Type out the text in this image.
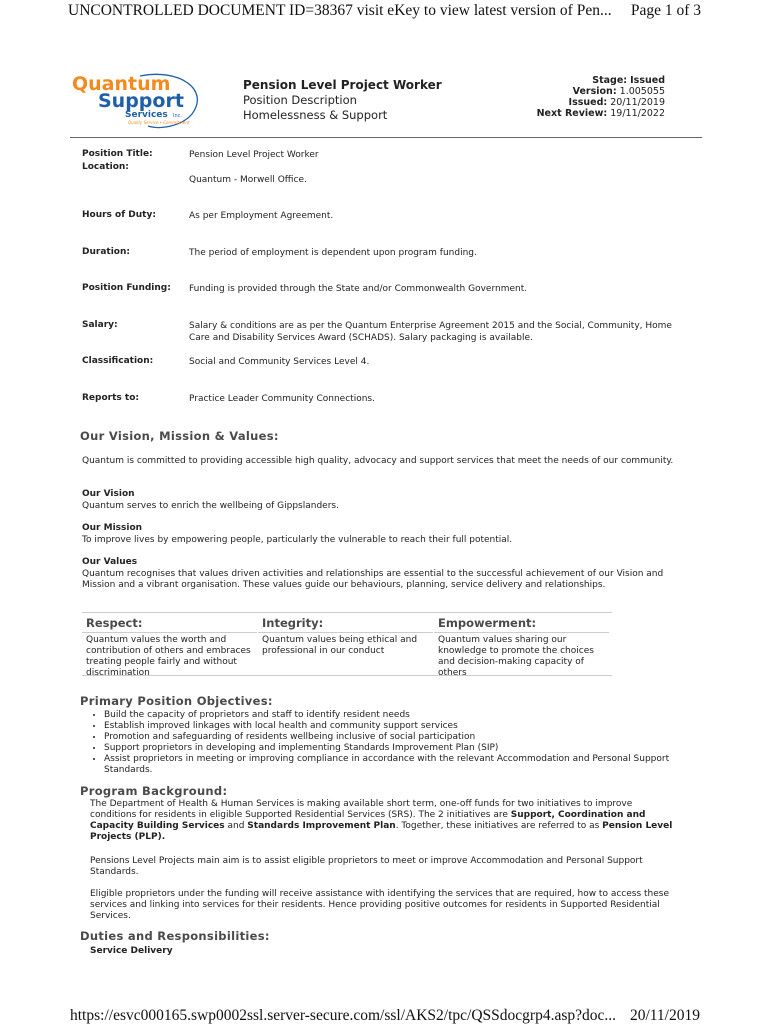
UNCONTROLLED DOCUMENT ID=38367 visit eKey to view latest version of Pen... Page 1 of 3
Quantum
Support
Services Inc.
Quality Service • Commitment
Pension Level Project Worker
Position Description
Homelessness & Support
Stage: Issued
Version: 1.005055
Issued: 20/11/2019
Next Review: 19/11/2022
Position Title:	Pension Level Project Worker
Location:
Quantum - Morwell Office.
Hours of Duty:	As per Employment Agreement.
Duration:	The period of employment is dependent upon program funding.
Position Funding:	Funding is provided through the State and/or Commonwealth Government.
Salary:	Salary & conditions are as per the Quantum Enterprise Agreement 2015 and the Social, Community, Home Care and Disability Services Award (SCHADS). Salary packaging is available.
Classification:	Social and Community Services Level 4.
Reports to:	Practice Leader Community Connections.
Our Vision, Mission & Values:
Quantum is committed to providing accessible high quality, advocacy and support services that meet the needs of our community.
Our Vision
Quantum serves to enrich the wellbeing of Gippslanders.
Our Mission
To improve lives by empowering people, particularly the vulnerable to reach their full potential.
Our Values
Quantum recognises that values driven activities and relationships are essential to the successful achievement of our Vision and Mission and a vibrant organisation. These values guide our behaviours, planning, service delivery and relationships.
Respect:
Quantum values the worth and contribution of others and embraces treating people fairly and without discrimination
Integrity:
Quantum values being ethical and professional in our conduct
Empowerment:
Quantum values sharing our knowledge to promote the choices and decision-making capacity of others
Primary Position Objectives:
• Build the capacity of proprietors and staff to identify resident needs
• Establish improved linkages with local health and community support services
• Promotion and safeguarding of residents wellbeing inclusive of social participation
• Support proprietors in developing and implementing Standards Improvement Plan (SIP)
• Assist proprietors in meeting or improving compliance in accordance with the relevant Accommodation and Personal Support Standards.
Program Background:
The Department of Health & Human Services is making available short term, one-off funds for two initiatives to improve conditions for residents in eligible Supported Residential Services (SRS). The 2 initiatives are Support, Coordination and Capacity Building Services and Standards Improvement Plan. Together, these initiatives are referred to as Pension Level Projects (PLP).
Pensions Level Projects main aim is to assist eligible proprietors to meet or improve Accommodation and Personal Support Standards.
Eligible proprietors under the funding will receive assistance with identifying the services that are required, how to access these services and linking into services for their residents. Hence providing positive outcomes for residents in Supported Residential Services.
Duties and Responsibilities:
Service Delivery
https://esvc000165.swp0002ssl.server-secure.com/ssl/AKS2/tpc/QSSdocgrp4.asp?doc... 20/11/2019
